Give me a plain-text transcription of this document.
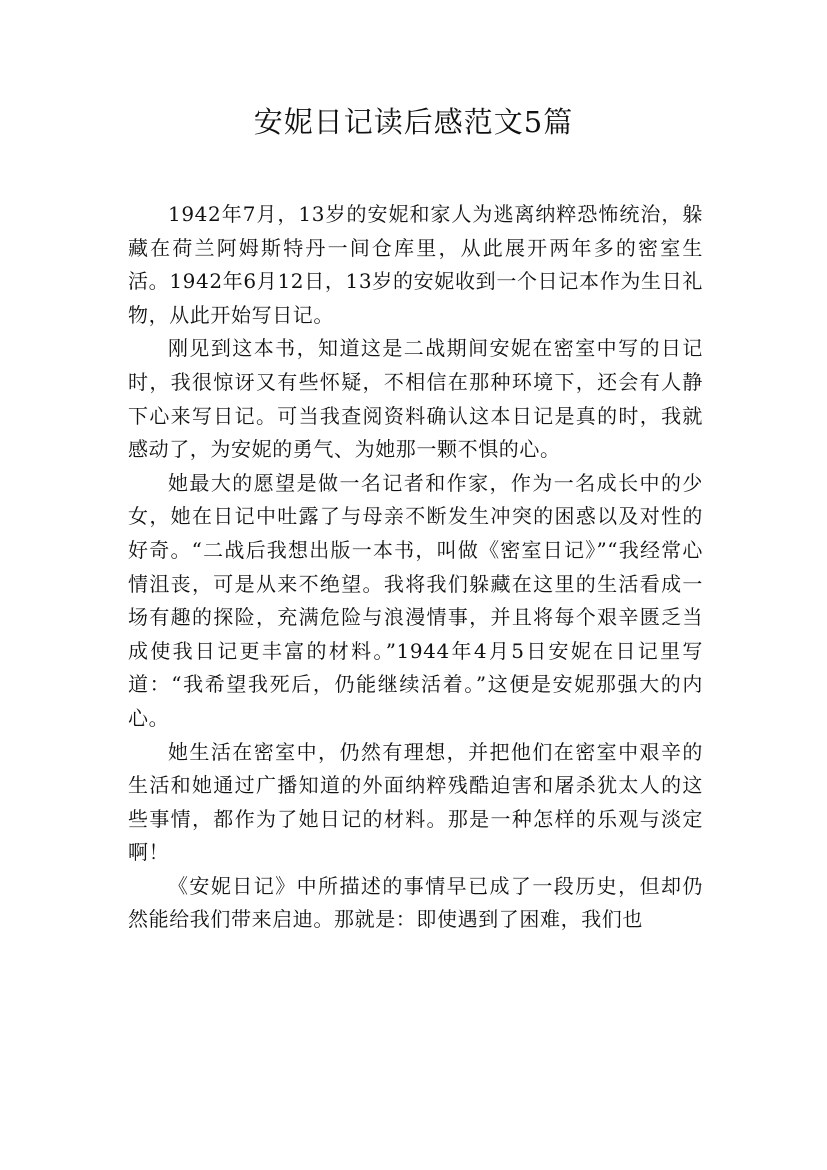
安妮日记读后感范文5篇

1942年7月，13岁的安妮和家人为逃离纳粹恐怖统治，躲藏在荷兰阿姆斯特丹一间仓库里，从此展开两年多的密室生活。1942年6月12日，13岁的安妮收到一个日记本作为生日礼物，从此开始写日记。

刚见到这本书，知道这是二战期间安妮在密室中写的日记时，我很惊讶又有些怀疑，不相信在那种环境下，还会有人静下心来写日记。可当我查阅资料确认这本日记是真的时，我就感动了，为安妮的勇气、为她那一颗不惧的心。

她最大的愿望是做一名记者和作家，作为一名成长中的少女，她在日记中吐露了与母亲不断发生冲突的困惑以及对性的好奇。“二战后我想出版一本书，叫做《密室日记》”“我经常心情沮丧，可是从来不绝望。我将我们躲藏在这里的生活看成一场有趣的探险，充满危险与浪漫情事，并且将每个艰辛匮乏当成使我日记更丰富的材料。”1944年4月5日安妮在日记里写道：“我希望我死后，仍能继续活着。”这便是安妮那强大的内心。

她生活在密室中，仍然有理想，并把他们在密室中艰辛的生活和她通过广播知道的外面纳粹残酷迫害和屠杀犹太人的这些事情，都作为了她日记的材料。那是一种怎样的乐观与淡定啊！

《安妮日记》中所描述的事情早已成了一段历史，但却仍然能给我们带来启迪。那就是：即使遇到了困难，我们也
